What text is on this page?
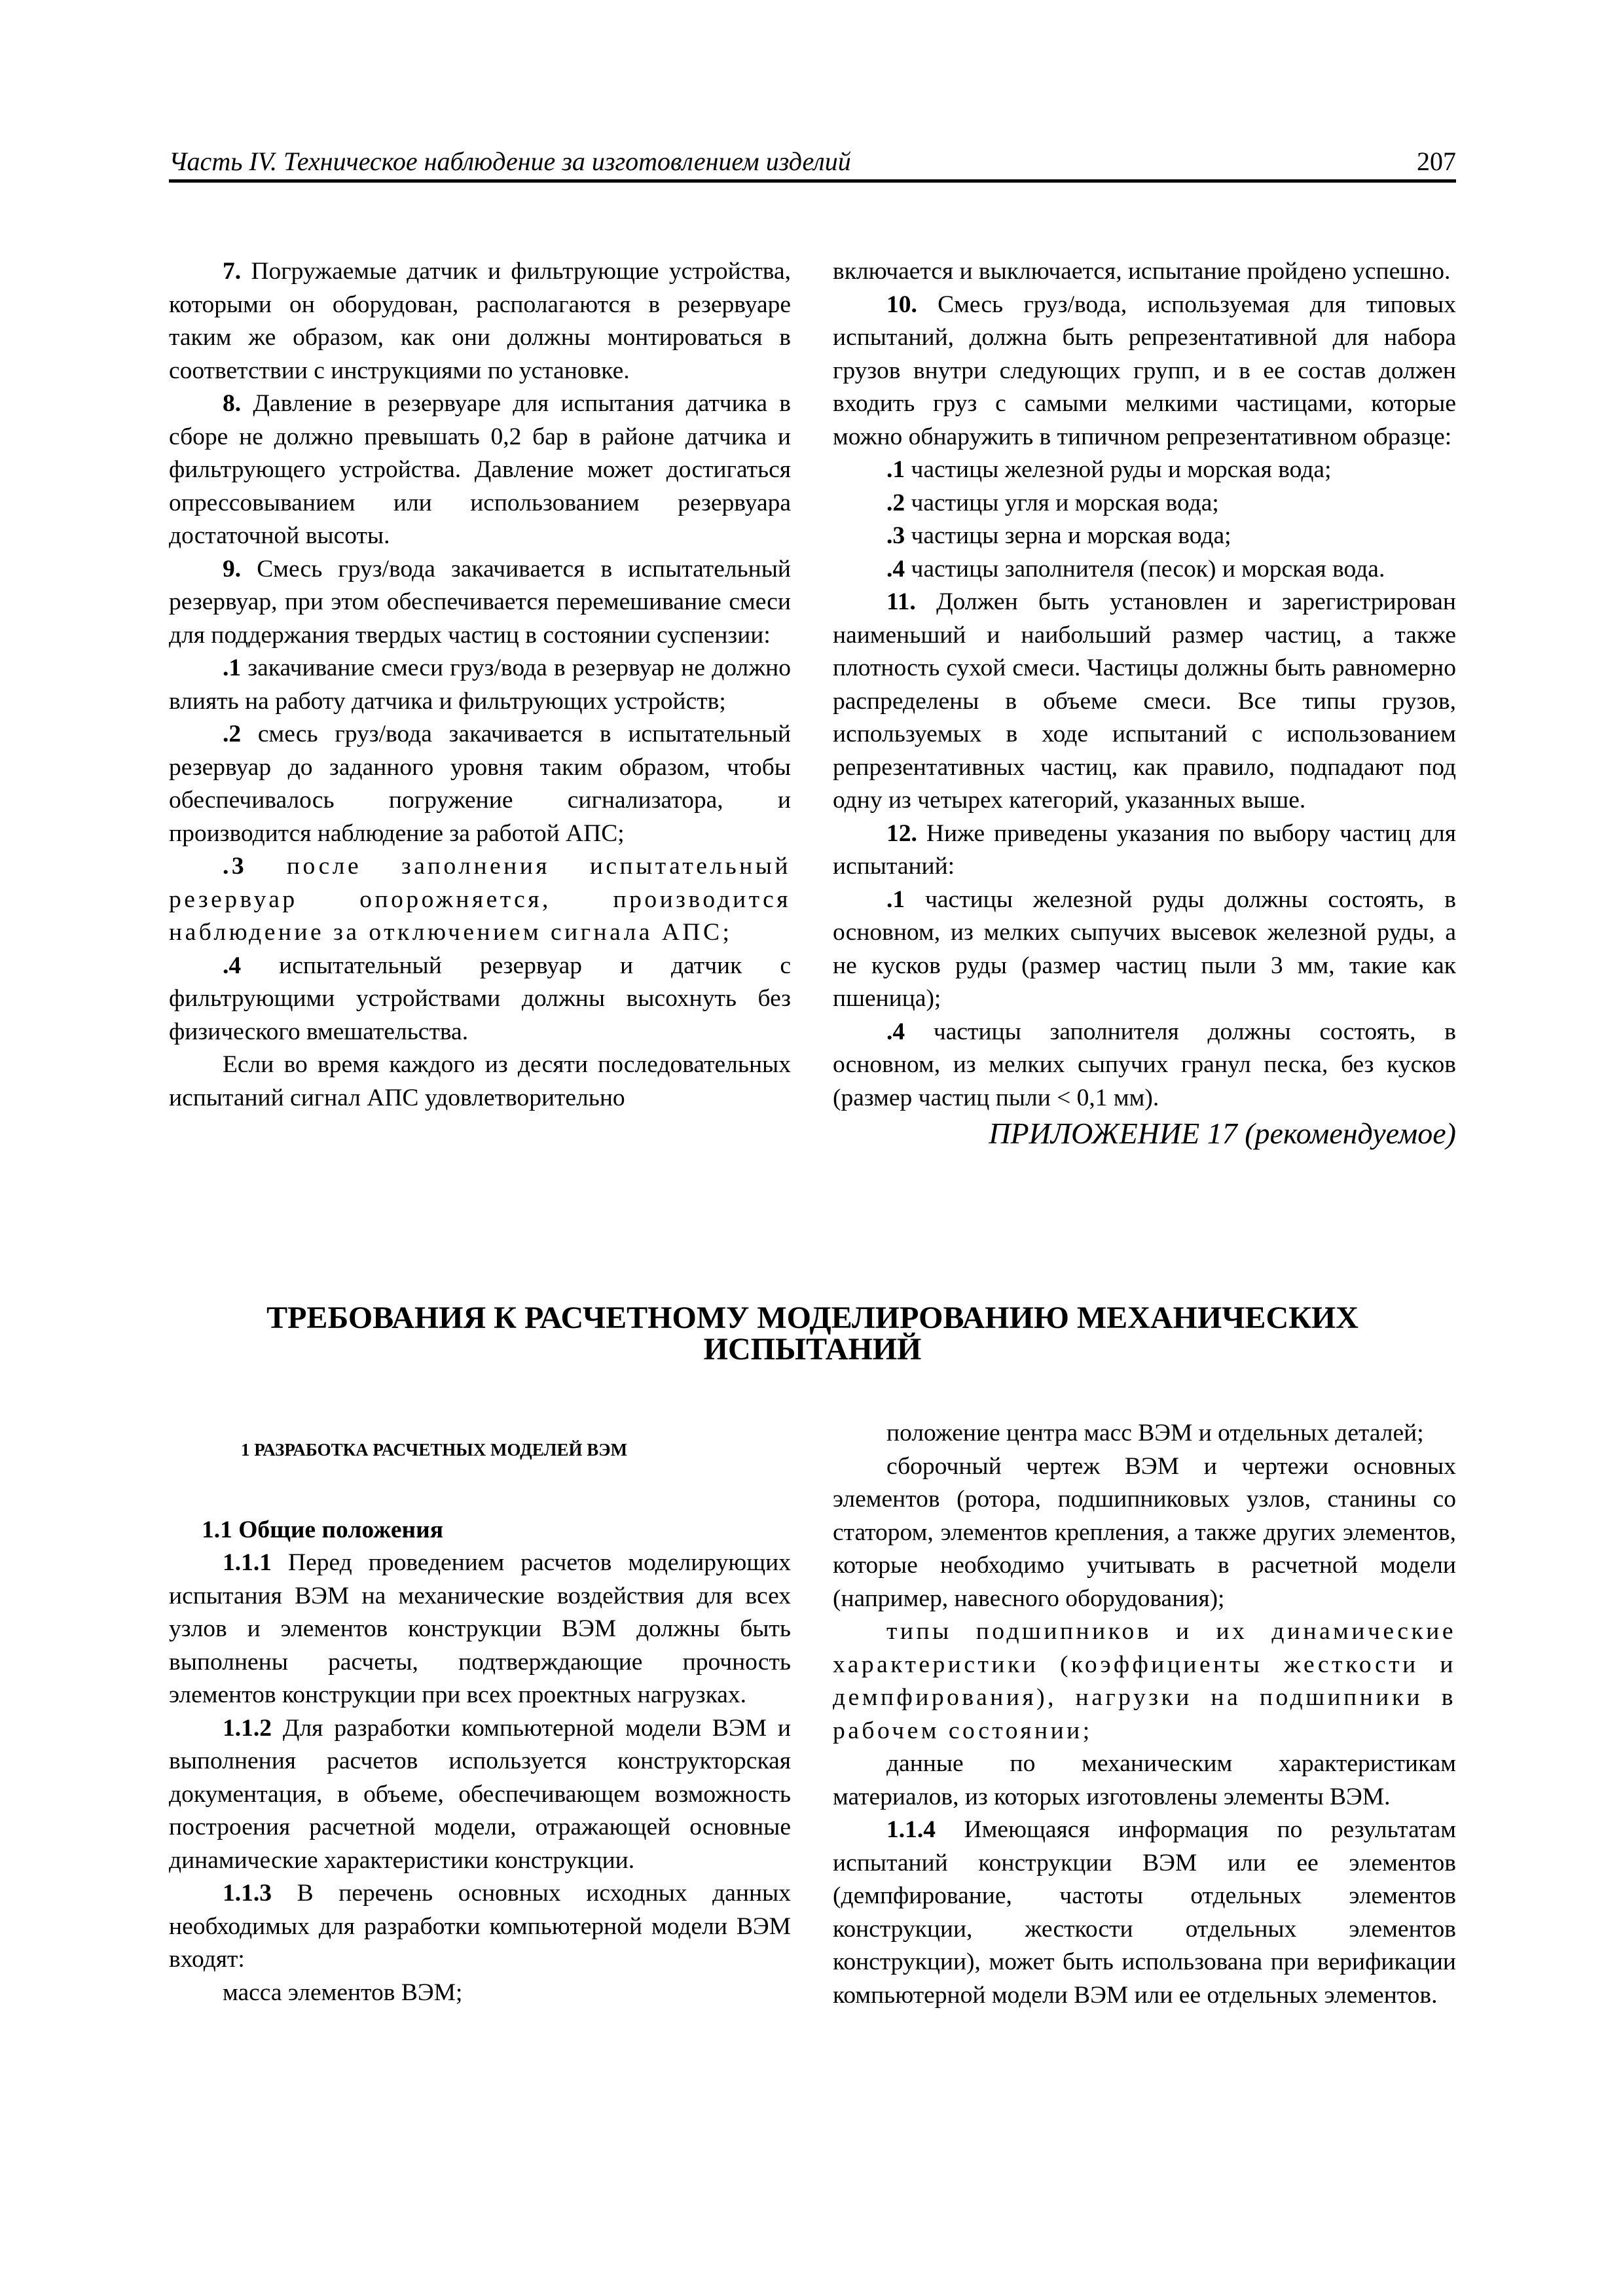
Часть IV. Техническое наблюдение за изготовлением изделий	207

7. Погружаемые датчик и фильтрующие устройства, которыми он оборудован, располагаются в резервуаре таким же образом, как они должны монтироваться в соответствии с инструкциями по установке.

8. Давление в резервуаре для испытания датчика в сборе не должно превышать 0,2 бар в районе датчика и фильтрующего устройства. Давление может достигаться опрессовыванием или использованием резервуара достаточной высоты.

9. Смесь груз/вода закачивается в испытательный резервуар, при этом обеспечивается перемешивание смеси для поддержания твердых частиц в состоянии суспензии:

.1 закачивание смеси груз/вода в резервуар не должно влиять на работу датчика и фильтрующих устройств;

.2 смесь груз/вода закачивается в испытательный резервуар до заданного уровня таким образом, чтобы обеспечивалось погружение сигнализатора, и производится наблюдение за работой АПС;

.3 после заполнения испытательный резервуар опорожняется, производится наблюдение за отключением сигнала АПС;

.4 испытательный резервуар и датчик с фильтрующими устройствами должны высохнуть без физического вмешательства.

Если во время каждого из десяти последовательных испытаний сигнал АПС удовлетворительно

включается и выключается, испытание пройдено успешно.

10. Смесь груз/вода, используемая для типовых испытаний, должна быть репрезентативной для набора грузов внутри следующих групп, и в ее состав должен входить груз с самыми мелкими частицами, которые можно обнаружить в типичном репрезентативном образце:

.1 частицы железной руды и морская вода;

.2 частицы угля и морская вода;

.3 частицы зерна и морская вода;

.4 частицы заполнителя (песок) и морская вода.

11. Должен быть установлен и зарегистрирован наименьший и наибольший размер частиц, а также плотность сухой смеси. Частицы должны быть равномерно распределены в объеме смеси. Все типы грузов, используемых в ходе испытаний с использованием репрезентативных частиц, как правило, подпадают под одну из четырех категорий, указанных выше.

12. Ниже приведены указания по выбору частиц для испытаний:

.1 частицы железной руды должны состоять, в основном, из мелких сыпучих высевок железной руды, а не кусков руды (размер частиц пыли 3 мм, такие как пшеница);

.4 частицы заполнителя должны состоять, в основном, из мелких сыпучих гранул песка, без кусков (размер частиц пыли < 0,1 мм).

ПРИЛОЖЕНИЕ 17 (рекомендуемое)

ТРЕБОВАНИЯ К РАСЧЕТНОМУ МОДЕЛИРОВАНИЮ МЕХАНИЧЕСКИХ
ИСПЫТАНИЙ

1 РАЗРАБОТКА РАСЧЕТНЫХ МОДЕЛЕЙ ВЭМ

1.1 Общие положения

1.1.1 Перед проведением расчетов моделирующих испытания ВЭМ на механические воздействия для всех узлов и элементов конструкции ВЭМ должны быть выполнены расчеты, подтверждающие прочность элементов конструкции при всех проектных нагрузках.

1.1.2 Для разработки компьютерной модели ВЭМ и выполнения расчетов используется конструкторская документация, в объеме, обеспечивающем возможность построения расчетной модели, отражающей основные динамические характеристики конструкции.

1.1.3 В перечень основных исходных данных необходимых для разработки компьютерной модели ВЭМ входят:

масса элементов ВЭМ;

положение центра масс ВЭМ и отдельных деталей;

сборочный чертеж ВЭМ и чертежи основных элементов (ротора, подшипниковых узлов, станины со статором, элементов крепления, а также других элементов, которые необходимо учитывать в расчетной модели (например, навесного оборудования);

типы подшипников и их динамические характеристики (коэффициенты жесткости и демпфирования), нагрузки на подшипники в рабочем состоянии;

данные по механическим характеристикам материалов, из которых изготовлены элементы ВЭМ.

1.1.4 Имеющаяся информация по результатам испытаний конструкции ВЭМ или ее элементов (демпфирование, частоты отдельных элементов конструкции, жесткости отдельных элементов конструкции), может быть использована при верификации компьютерной модели ВЭМ или ее отдельных элементов.
